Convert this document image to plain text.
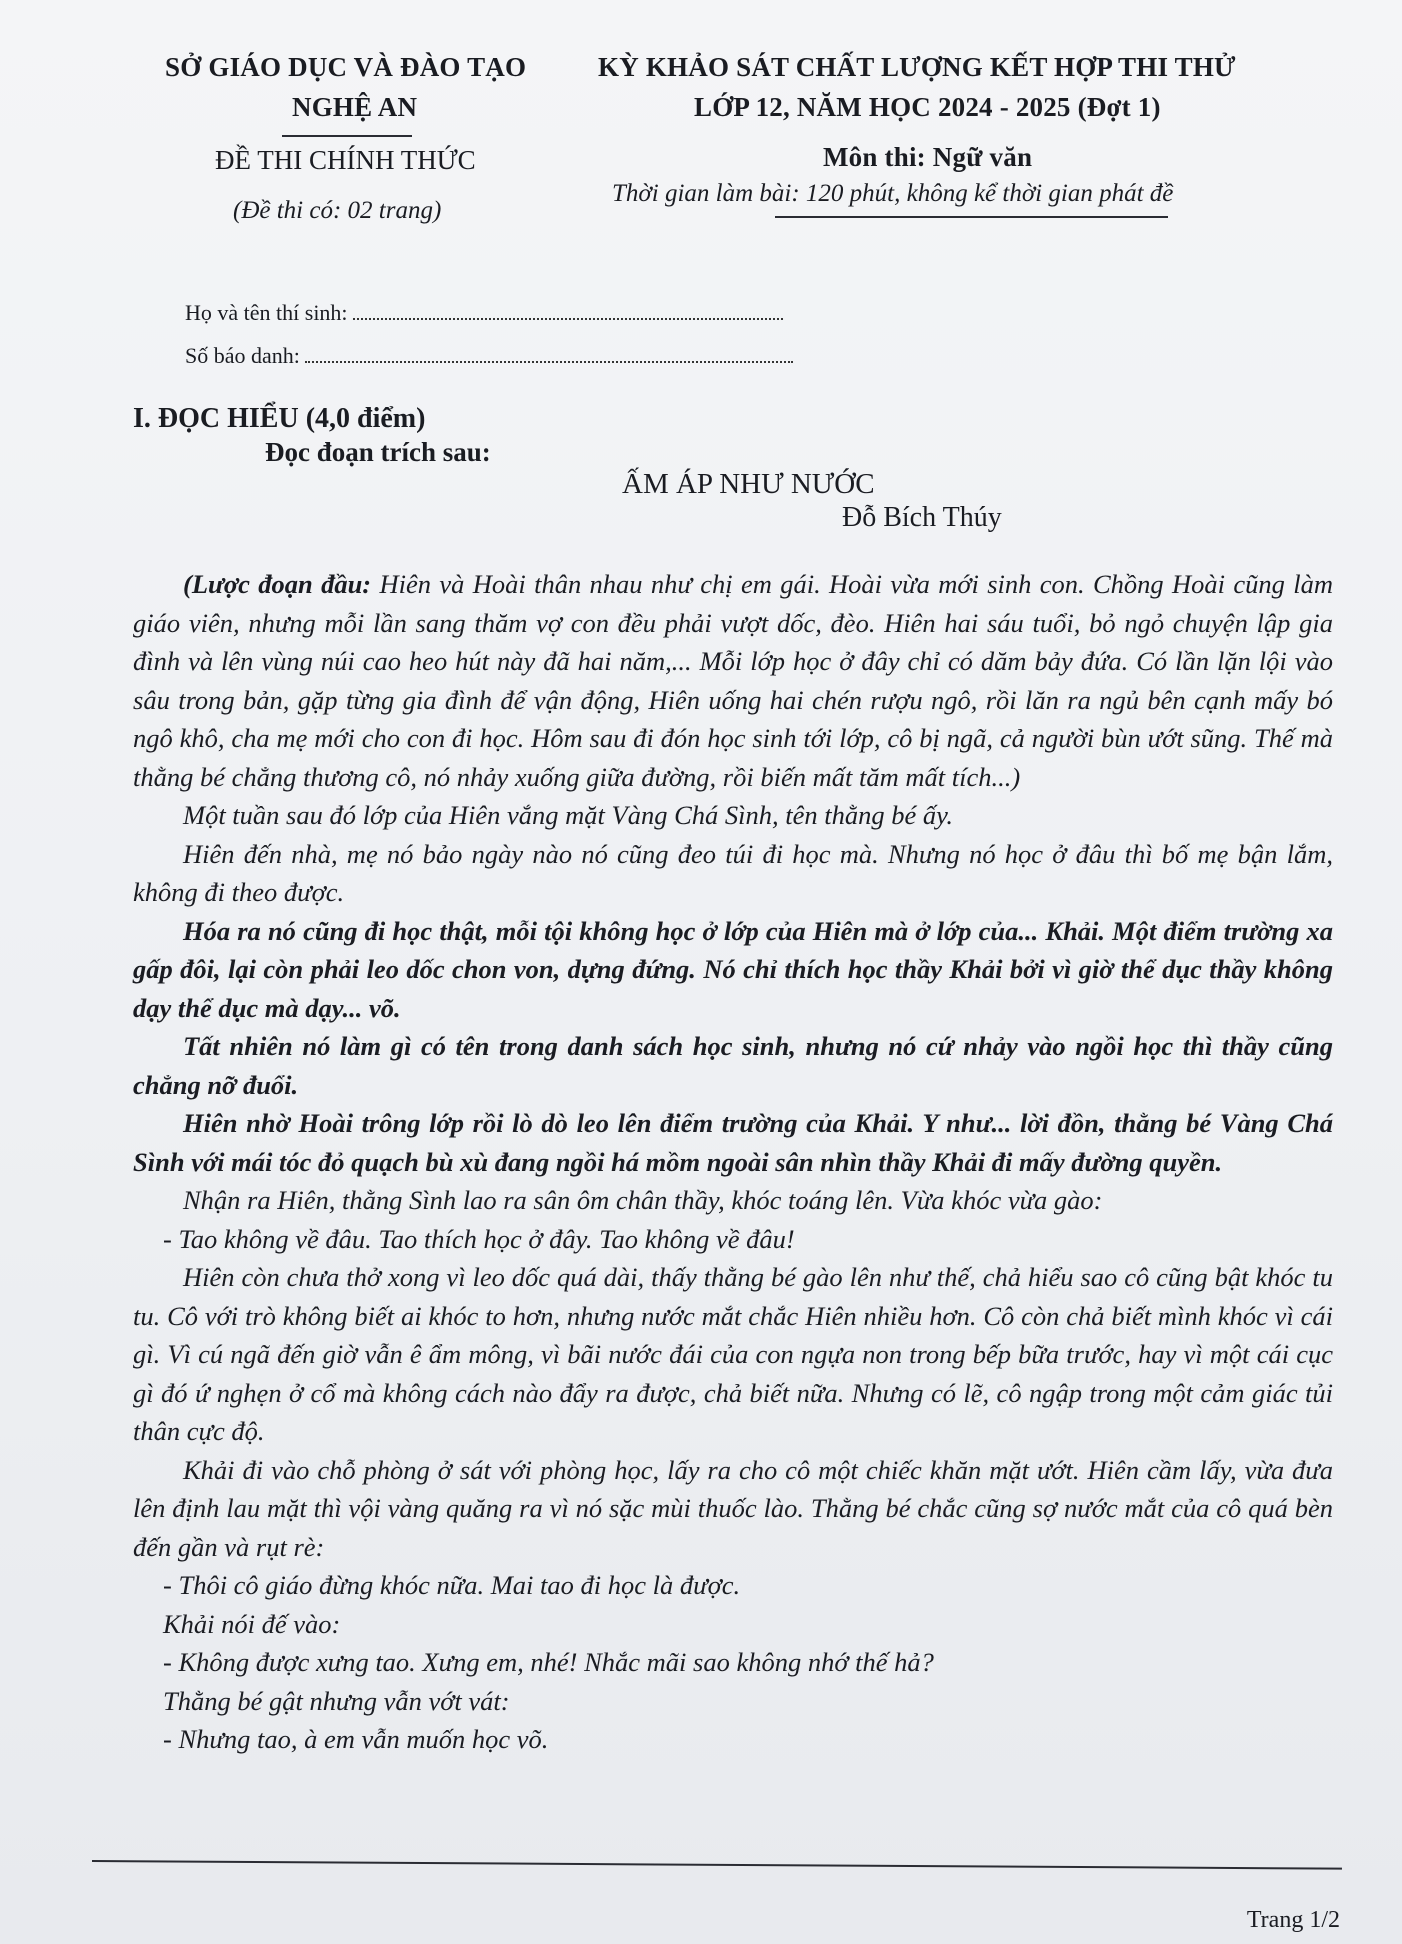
SỞ GIÁO DỤC VÀ ĐÀO TẠO
NGHỆ AN
ĐỀ THI CHÍNH THỨC
(Đề thi có: 02 trang)
KỲ KHẢO SÁT CHẤT LƯỢNG KẾT HỢP THI THỬ
LỚP 12, NĂM HỌC 2024 - 2025 (Đợt 1)
Môn thi: Ngữ văn
Thời gian làm bài: 120 phút, không kể thời gian phát đề
Họ và tên thí sinh:
Số báo danh:
I. ĐỌC HIỂU (4,0 điểm)
Đọc đoạn trích sau:
ẤM ÁP NHƯ NƯỚC
Đỗ Bích Thúy

(Lược đoạn đầu: Hiên và Hoài thân nhau như chị em gái. Hoài vừa mới sinh con. Chồng Hoài cũng làm giáo viên, nhưng mỗi lần sang thăm vợ con đều phải vượt dốc, đèo. Hiên hai sáu tuổi, bỏ ngỏ chuyện lập gia đình và lên vùng núi cao heo hút này đã hai năm,... Mỗi lớp học ở đây chỉ có dăm bảy đứa. Có lần lặn lội vào sâu trong bản, gặp từng gia đình để vận động, Hiên uống hai chén rượu ngô, rồi lăn ra ngủ bên cạnh mấy bó ngô khô, cha mẹ mới cho con đi học. Hôm sau đi đón học sinh tới lớp, cô bị ngã, cả người bùn ướt sũng. Thế mà thằng bé chẳng thương cô, nó nhảy xuống giữa đường, rồi biến mất tăm mất tích...)

Một tuần sau đó lớp của Hiên vắng mặt Vàng Chá Sình, tên thằng bé ấy.

Hiên đến nhà, mẹ nó bảo ngày nào nó cũng đeo túi đi học mà. Nhưng nó học ở đâu thì bố mẹ bận lắm, không đi theo được.

Hóa ra nó cũng đi học thật, mỗi tội không học ở lớp của Hiên mà ở lớp của... Khải. Một điểm trường xa gấp đôi, lại còn phải leo dốc chon von, dựng đứng. Nó chỉ thích học thầy Khải bởi vì giờ thể dục thầy không dạy thể dục mà dạy... võ.

Tất nhiên nó làm gì có tên trong danh sách học sinh, nhưng nó cứ nhảy vào ngồi học thì thầy cũng chẳng nỡ đuổi.

Hiên nhờ Hoài trông lớp rồi lò dò leo lên điểm trường của Khải. Y như... lời đồn, thằng bé Vàng Chá Sình với mái tóc đỏ quạch bù xù đang ngồi há mồm ngoài sân nhìn thầy Khải đi mấy đường quyền.

Nhận ra Hiên, thằng Sình lao ra sân ôm chân thầy, khóc toáng lên. Vừa khóc vừa gào:

- Tao không về đâu. Tao thích học ở đây. Tao không về đâu!

Hiên còn chưa thở xong vì leo dốc quá dài, thấy thằng bé gào lên như thế, chả hiểu sao cô cũng bật khóc tu tu. Cô với trò không biết ai khóc to hơn, nhưng nước mắt chắc Hiên nhiều hơn. Cô còn chả biết mình khóc vì cái gì. Vì cú ngã đến giờ vẫn ê ẩm mông, vì bãi nước đái của con ngựa non trong bếp bữa trước, hay vì một cái cục gì đó ứ nghẹn ở cổ mà không cách nào đẩy ra được, chả biết nữa. Nhưng có lẽ, cô ngập trong một cảm giác tủi thân cực độ.

Khải đi vào chỗ phòng ở sát với phòng học, lấy ra cho cô một chiếc khăn mặt ướt. Hiên cầm lấy, vừa đưa lên định lau mặt thì vội vàng quăng ra vì nó sặc mùi thuốc lào. Thằng bé chắc cũng sợ nước mắt của cô quá bèn đến gần và rụt rè:

- Thôi cô giáo đừng khóc nữa. Mai tao đi học là được.

Khải nói đế vào:

- Không được xưng tao. Xưng em, nhé! Nhắc mãi sao không nhớ thế hả?

Thằng bé gật nhưng vẫn vớt vát:

- Nhưng tao, à em vẫn muốn học võ.

Trang 1/2
